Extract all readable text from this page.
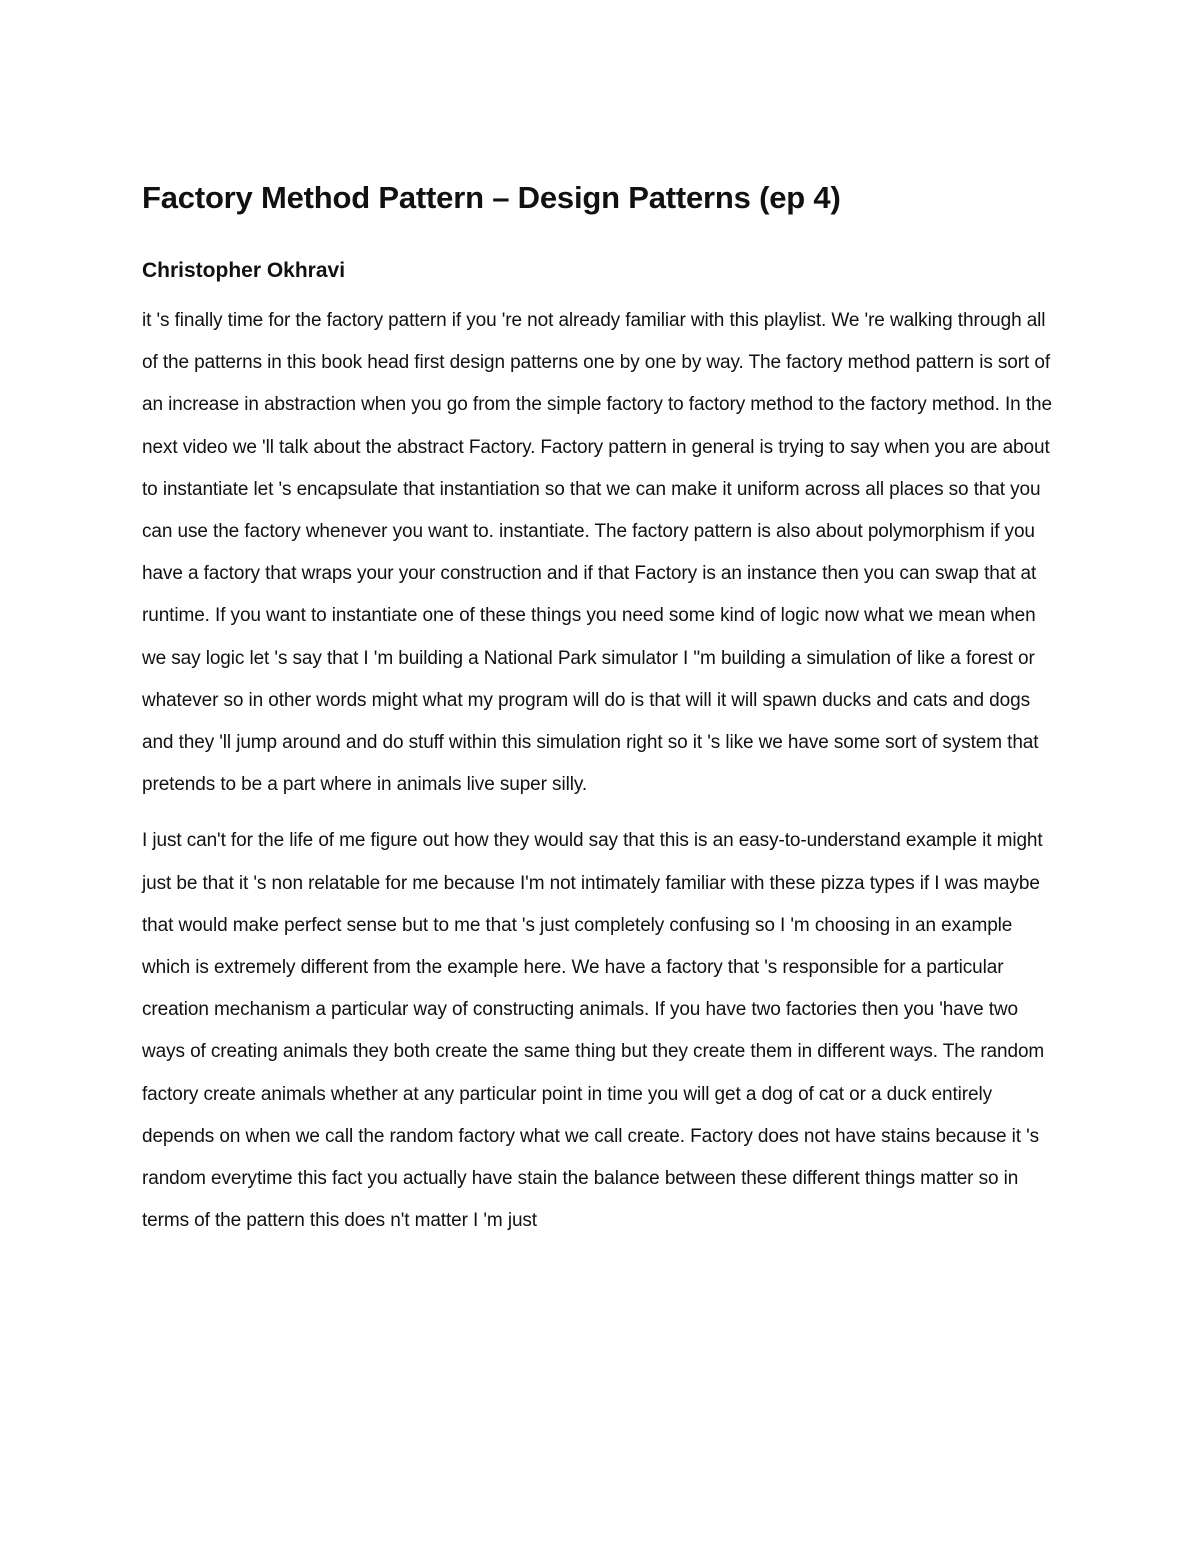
Factory Method Pattern – Design Patterns (ep 4)
Christopher Okhravi

it 's finally time for the factory pattern if you 're not already familiar with this playlist. We 're walking through all of the patterns in this book head first design patterns one by one by way. The factory method pattern is sort of an increase in abstraction when you go from the simple factory to factory method to the factory method. In the next video we 'll talk about the abstract Factory. Factory pattern in general is trying to say when you are about to instantiate let 's encapsulate that instantiation so that we can make it uniform across all places so that you can use the factory whenever you want to. instantiate. The factory pattern is also about polymorphism if you have a factory that wraps your your construction and if that Factory is an instance then you can swap that at runtime. If you want to instantiate one of these things you need some kind of logic now what we mean when we say logic let 's say that I 'm building a National Park simulator I "m building a simulation of like a forest or whatever so in other words might what my program will do is that will it will spawn ducks and cats and dogs and they 'll jump around and do stuff within this simulation right so it 's like we have some sort of system that pretends to be a part where in animals live super silly.

I just can't for the life of me figure out how they would say that this is an easy-to-understand example it might just be that it 's non relatable for me because I'm not intimately familiar with these pizza types if I was maybe that would make perfect sense but to me that 's just completely confusing so I 'm choosing in an example which is extremely different from the example here. We have a factory that 's responsible for a particular creation mechanism a particular way of constructing animals. If you have two factories then you 'have two ways of creating animals they both create the same thing but they create them in different ways. The random factory create animals whether at any particular point in time you will get a dog of cat or a duck entirely depends on when we call the random factory what we call create. Factory does not have stains because it 's random everytime this fact you actually have stain the balance between these different things matter so in terms of the pattern this does n't matter I 'm just
